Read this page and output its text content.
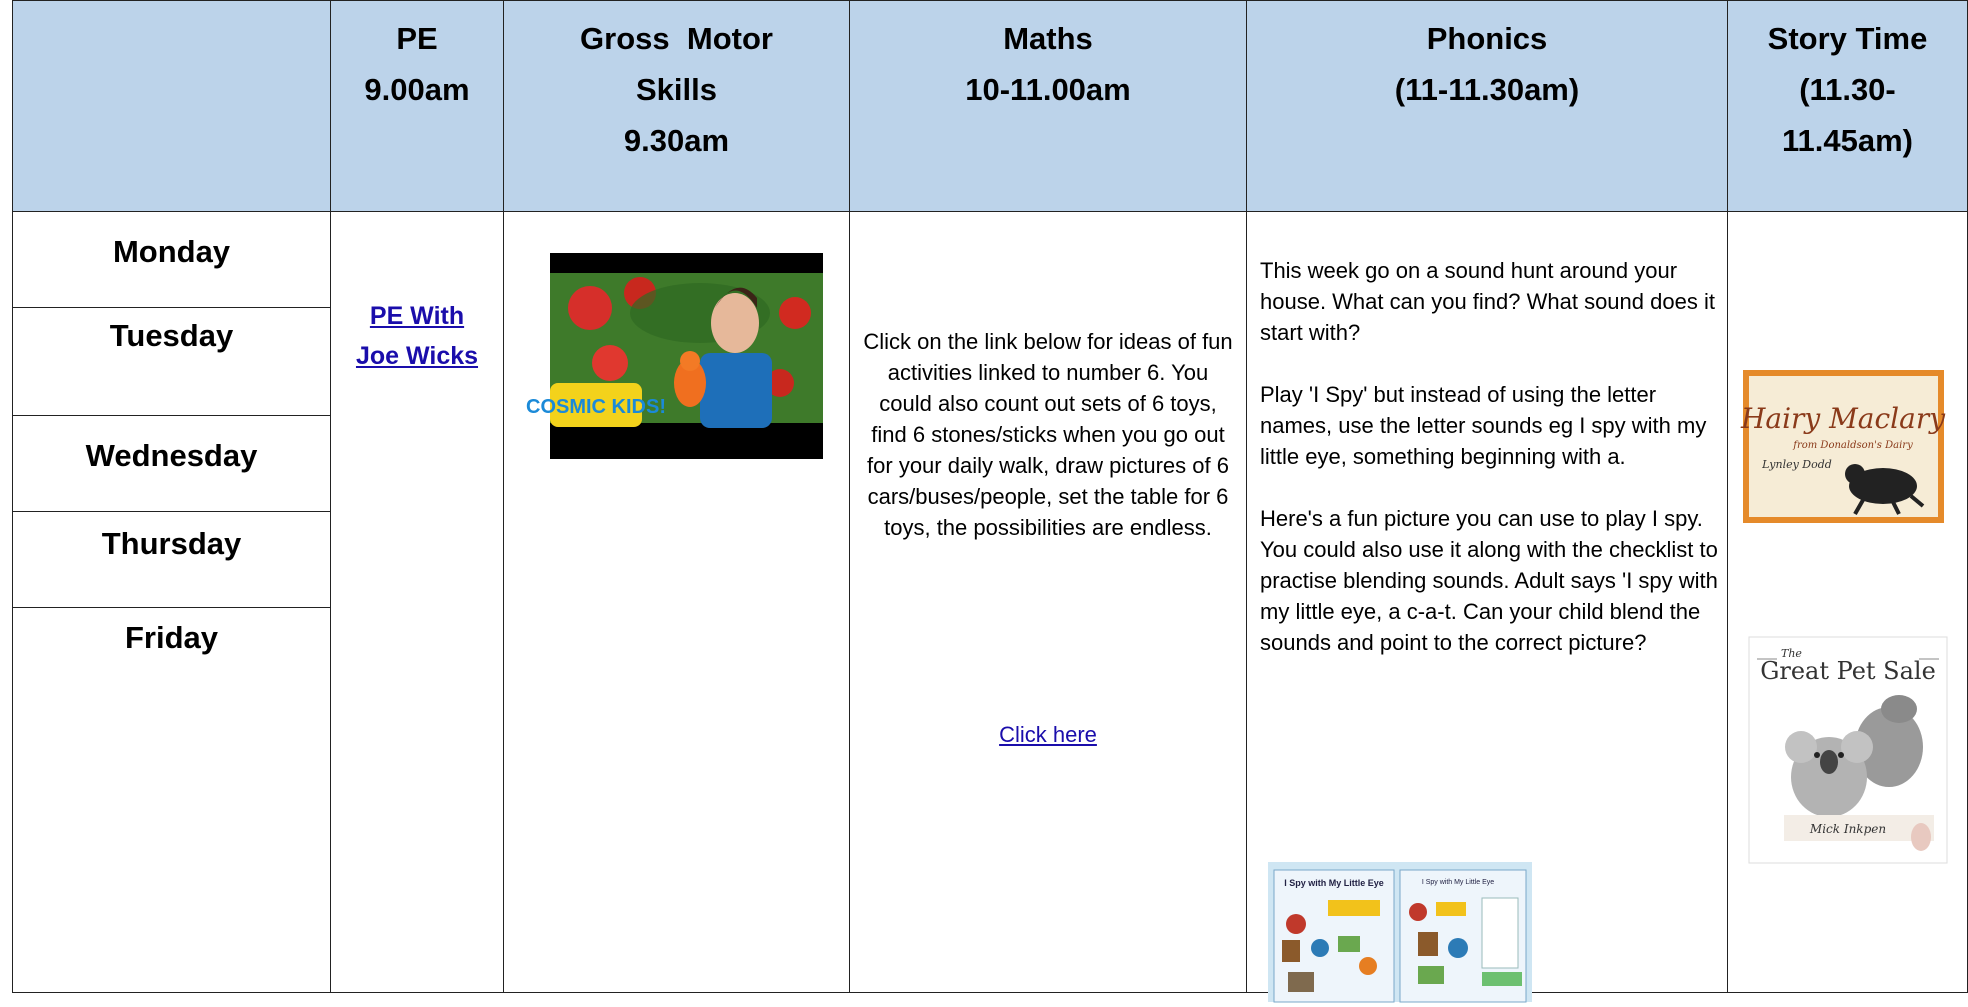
PE
9.00am
Gross  Motor
Skills
9.30am
Maths
10-11.00am
Phonics
(11-11.30am)
Story Time
(11.30-
11.45am)
Monday
Tuesday
Wednesday
Thursday
Friday
PE With
Joe Wicks
COSMIC KIDS!
Click on the link below for ideas of fun activities linked to number 6. You could also count out sets of 6 toys, find 6 stones/sticks when you go out for your daily walk, draw pictures of 6 cars/buses/people, set the table for 6 toys, the possibilities are endless.
Click here

This week go on a sound hunt around your house. What can you find? What sound does it start with?

Play 'I Spy' but instead of using the letter names, use the letter sounds eg I spy with my little eye, something beginning with a.

Here's a fun picture you can use to play I spy. You could also use it along with the checklist to practise blending sounds. Adult says 'I spy with my little eye, a c-a-t. Can your child blend the sounds and point to the correct picture?

I Spy with My Little Eye	I Spy with My Little Eye
Hairy Maclary
from Donaldson's Dairy
Lynley Dodd
The
Great Pet Sale
Mick Inkpen
